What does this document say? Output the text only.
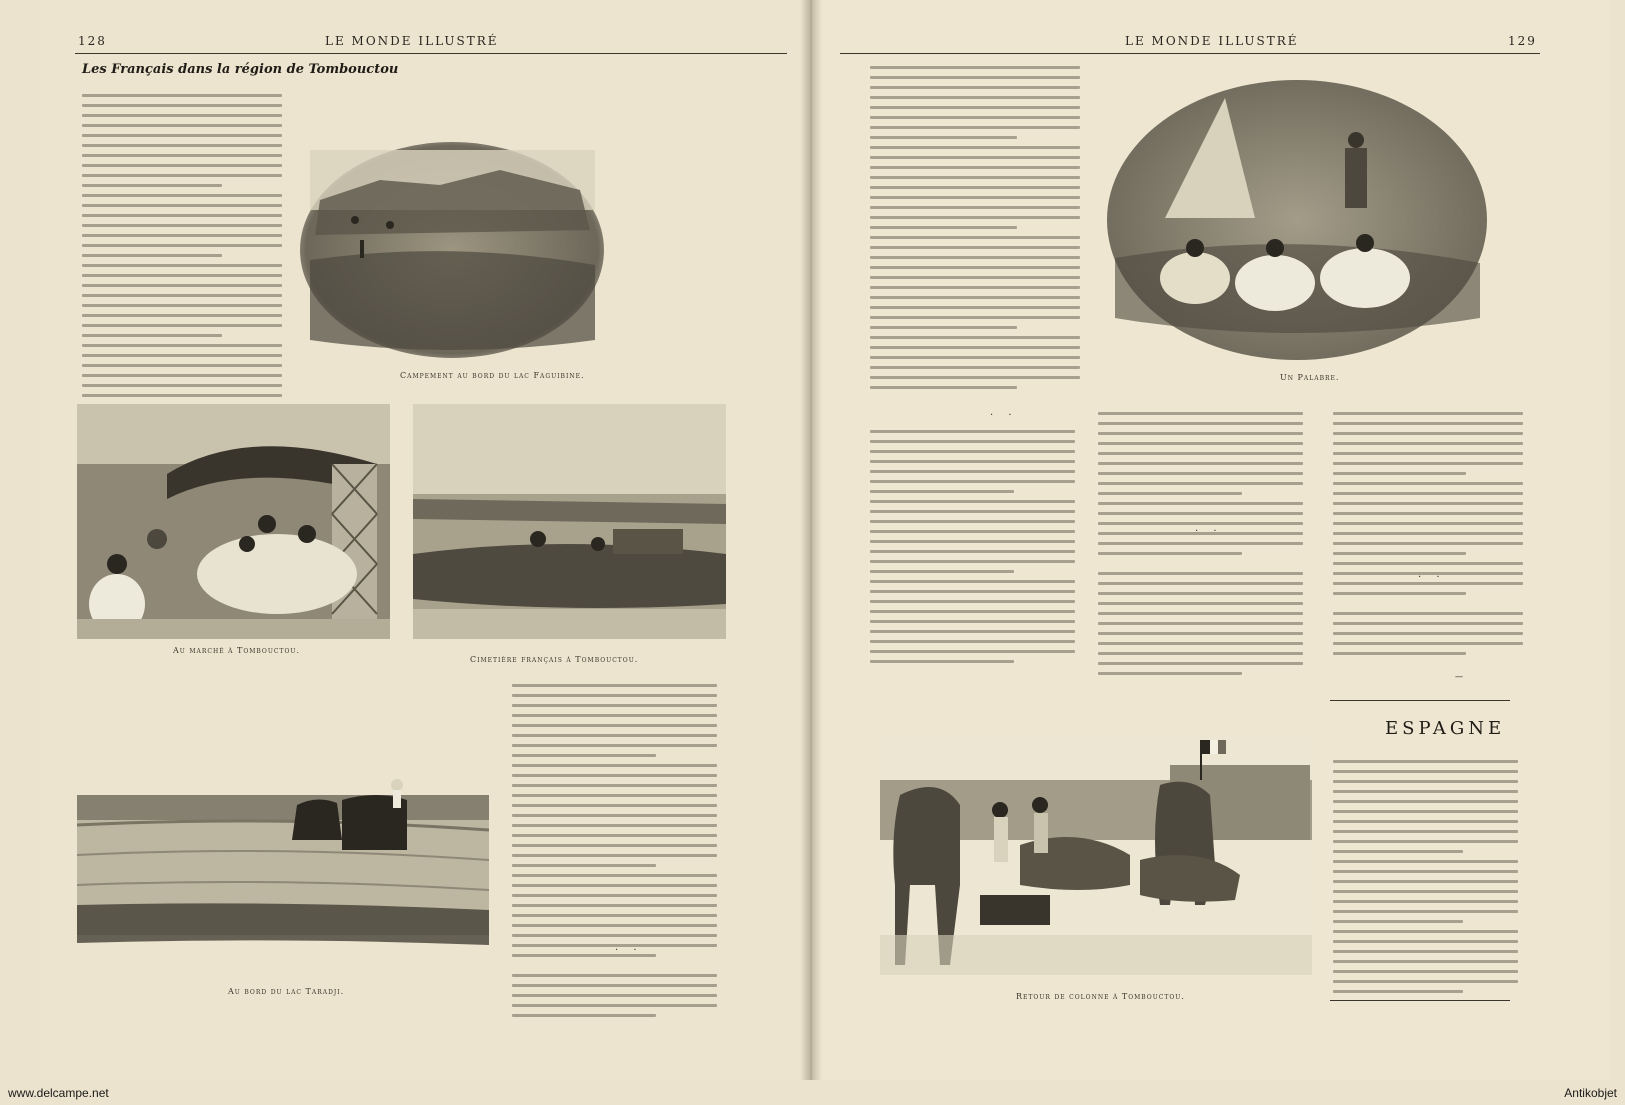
128	LE MONDE ILLUSTRÉ	LE MONDE ILLUSTRÉ	129
Les Français dans la région de Tombouctou
Campement au bord du lac Faguibine.
Au marché à Tombouctou.
Cimetière français à Tombouctou.
Au bord du lac Taradji.
· ·
· ·
Un Palabre.
· ·
· ·
—
ESPAGNE
Retour de colonne à Tombouctou.
www.delcampe.net	Antikobjet
